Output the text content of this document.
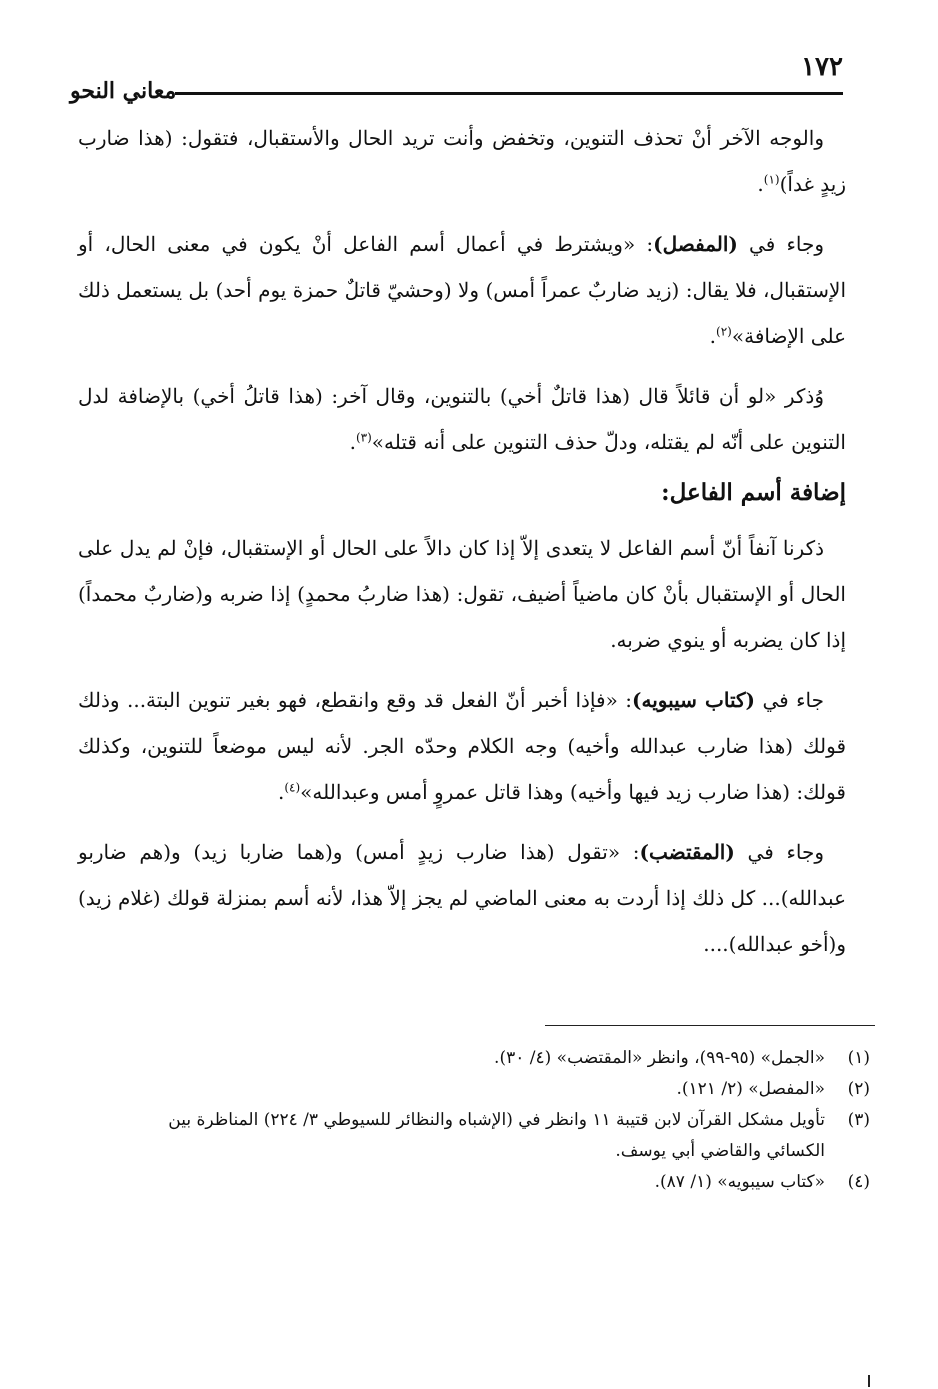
١٧٢
معاني النحو

والوجه الآخر أنْ تحذف التنوين، وتخفض وأنت تريد الحال والأستقبال، فتقول: (هذا ضارب زيدٍ غداً)$^{(١)}$.

وجاء في (المفصل): «ويشترط في أعمال أسم الفاعل أنْ يكون في معنى الحال، أو الإستقبال، فلا يقال: (زيد ضاربٌ عمراً أمس) ولا (وحشيّ قاتلٌ حمزة يوم أحد) بل يستعمل ذلك على الإضافة»$^{(٢)}$.

وُذكر «لو أن قائلاً قال (هذا قاتلٌ أخي) بالتنوين، وقال آخر: (هذا قاتلُ أخي) بالإضافة لدل التنوين على أنّه لم يقتله، ودلّ حذف التنوين على أنه قتله»$^{(٣)}$.

إضافة أسم الفاعل:

ذكرنا آنفاً أنّ أسم الفاعل لا يتعدى إلاّ إذا كان دالاً على الحال أو الإستقبال، فإنْ لم يدل على الحال أو الإستقبال بأنْ كان ماضياً أضيف، تقول: (هذا ضاربُ محمدٍ) إذا ضربه و(ضاربٌ محمداً) إذا كان يضربه أو ينوي ضربه.

جاء في (كتاب سيبويه): «فإذا أخبر أنّ الفعل قد وقع وانقطع، فهو بغير تنوين البتة... وذلك قولك (هذا ضارب عبدالله وأخيه) وجه الكلام وحدّه الجر. لأنه ليس موضعاً للتنوين، وكذلك قولك: (هذا ضارب زيد فيها وأخيه) وهذا قاتل عمروٍ أمس وعبدالله»$^{(٤)}$.

وجاء في (المقتضب): «تقول (هذا ضارب زيدٍ أمس) و(هما ضاربا زيد) و(هم ضاربو عبدالله)... كل ذلك إذا أردت به معنى الماضي لم يجز إلاّ هذا، لأنه أسم بمنزلة قولك (غلام زيد) و(أخو عبدالله)....

(١)
«الجمل» (٩٥-٩٩)، وانظر «المقتضب» (٤/ ٣٠).
(٢)
«المفصل» (٢/ ١٢١).
(٣)
تأويل مشكل القرآن لابن قتيبة ١١ وانظر في (الإشباه والنظائر للسيوطي ٣/ ٢٢٤) المناظرة بين الكسائي والقاضي أبي يوسف.
(٤)
«كتاب سيبويه» (١/ ٨٧).
